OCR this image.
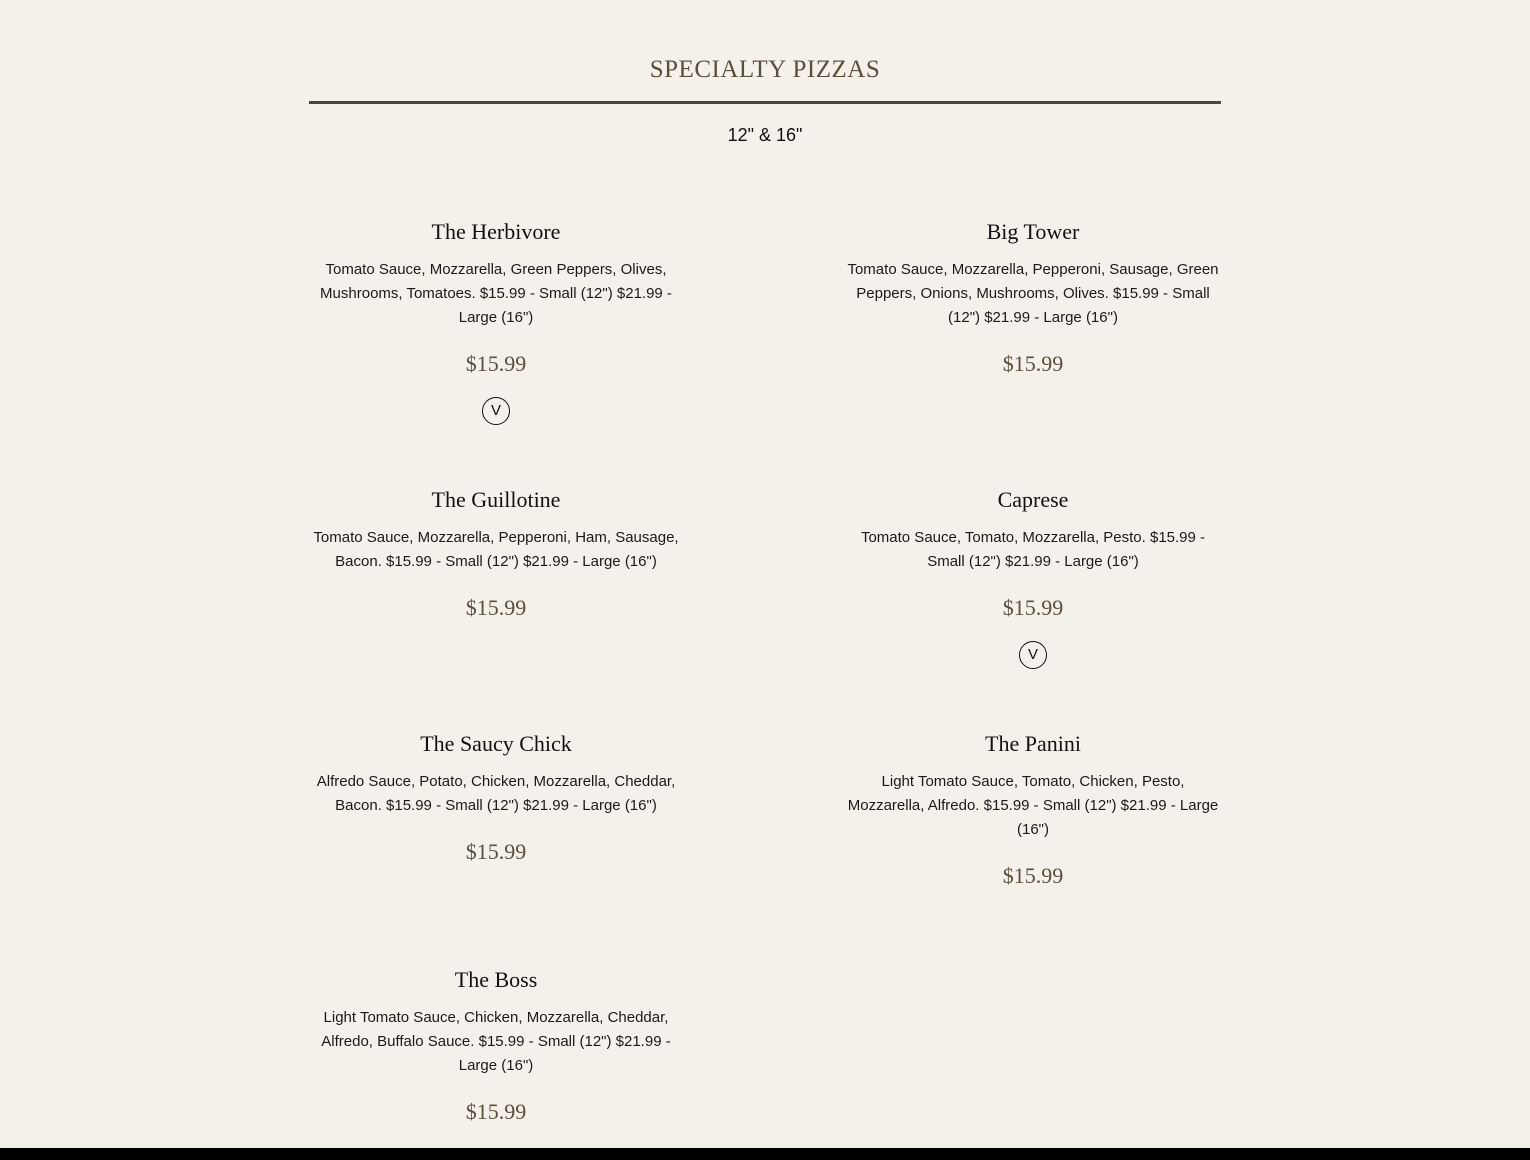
SPECIALTY PIZZAS
12" & 16"
The Herbivore
Tomato Sauce, Mozzarella, Green Peppers, Olives, Mushrooms, Tomatoes. $15.99 - Small (12") $21.99 - Large (16")
$15.99
V
Big Tower
Tomato Sauce, Mozzarella, Pepperoni, Sausage, Green Peppers, Onions, Mushrooms, Olives. $15.99 - Small (12") $21.99 - Large (16")
$15.99
The Guillotine
Tomato Sauce, Mozzarella, Pepperoni, Ham, Sausage, Bacon. $15.99 - Small (12") $21.99 - Large (16")
$15.99
Caprese
Tomato Sauce, Tomato, Mozzarella, Pesto. $15.99 - Small (12") $21.99 - Large (16")
$15.99
V
The Saucy Chick
Alfredo Sauce, Potato, Chicken, Mozzarella, Cheddar, Bacon. $15.99 - Small (12") $21.99 - Large (16")
$15.99
The Panini
Light Tomato Sauce, Tomato, Chicken, Pesto, Mozzarella, Alfredo. $15.99 - Small (12") $21.99 - Large (16")
$15.99
The Boss
Light Tomato Sauce, Chicken, Mozzarella, Cheddar, Alfredo, Buffalo Sauce. $15.99 - Small (12") $21.99 - Large (16")
$15.99
